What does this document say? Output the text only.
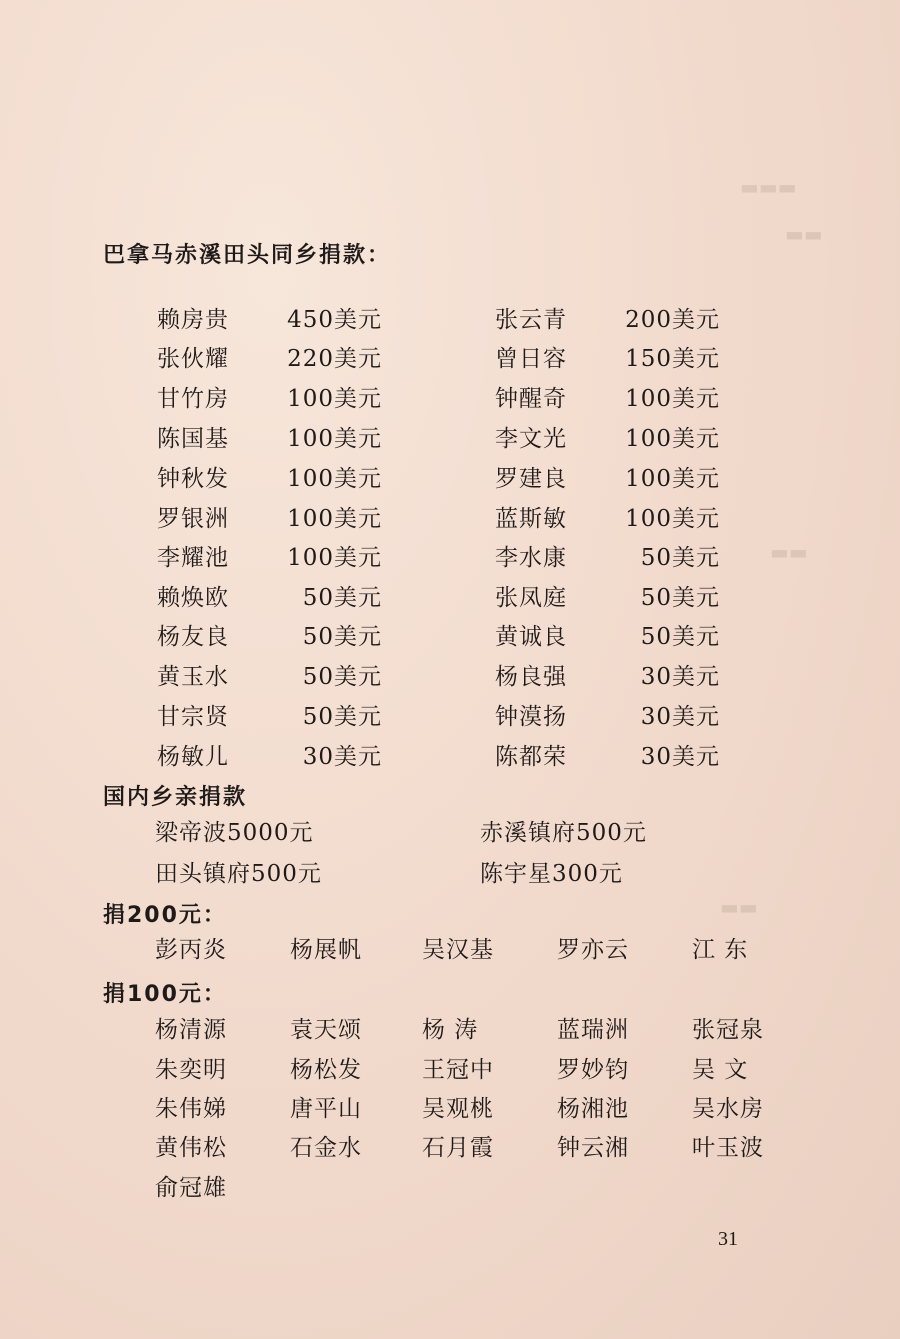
▬▬▬
▬▬
▬▬
▬▬
巴拿马赤溪田头同乡捐款：
赖房贵	450美元	张云青	200美元
张伙耀	220美元	曾日容	150美元
甘竹房	100美元	钟醒奇	100美元
陈国基	100美元	李文光	100美元
钟秋发	100美元	罗建良	100美元
罗银洲	100美元	蓝斯敏	100美元
李耀池	100美元	李水康	50美元
赖焕欧	50美元	张凤庭	50美元
杨友良	50美元	黄诚良	50美元
黄玉水	50美元	杨良强	30美元
甘宗贤	50美元	钟漠扬	30美元
杨敏儿	30美元	陈都荣	30美元
国内乡亲捐款
梁帝波5000元	赤溪镇府500元
田头镇府500元	陈宇星300元
捐200元：
彭丙炎	杨展帆	吴汉基	罗亦云	江 东
捐100元：
杨清源	袁天颂	杨 涛	蓝瑞洲	张冠泉
朱奕明	杨松发	王冠中	罗妙钧	吴 文
朱伟娣	唐平山	吴观桃	杨湘池	吴水房
黄伟松	石金水	石月霞	钟云湘	叶玉波
俞冠雄
31
